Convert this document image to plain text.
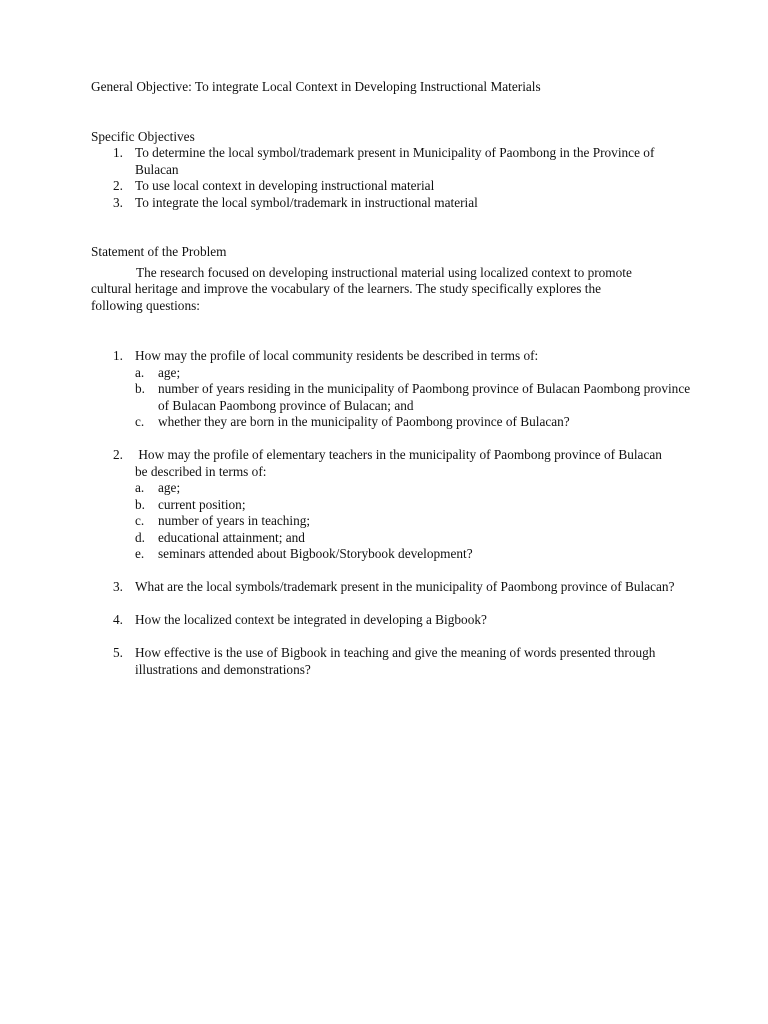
General Objective: To integrate Local Context in Developing Instructional Materials

Specific Objectives

1. To determine the local symbol/trademark present in Municipality of Paombong in the Province of Bulacan
2. To use local context in developing instructional material
3. To integrate the local symbol/trademark in instructional material

Statement of the Problem

The research focused on developing instructional material using localized context to promote cultural heritage and improve the vocabulary of the learners. The study specifically explores the following questions:

1. How may the profile of local community residents be described in terms of:
a. age;
b. number of years residing in the municipality of Paombong province of Bulacan Paombong province of Bulacan Paombong province of Bulacan; and
c. whether they are born in the municipality of Paombong province of Bulacan?
2. How may the profile of elementary teachers in the municipality of Paombong province of Bulacan be described in terms of:
a. age;
b. current position;
c. number of years in teaching;
d. educational attainment; and
e. seminars attended about Bigbook/Storybook development?
3. What are the local symbols/trademark present in the municipality of Paombong province of Bulacan?
4. How the localized context be integrated in developing a Bigbook?
5. How effective is the use of Bigbook in teaching and give the meaning of words presented through illustrations and demonstrations?
